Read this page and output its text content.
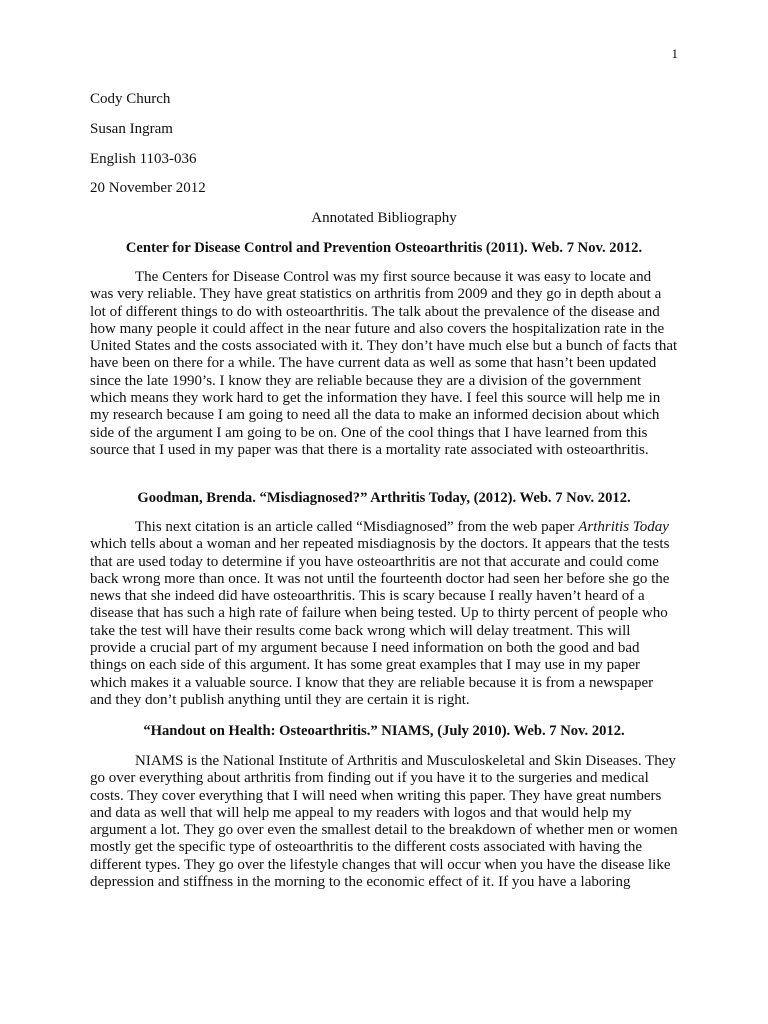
1
Cody Church
Susan Ingram
English 1103-036
20 November 2012
Annotated Bibliography
Center for Disease Control and Prevention Osteoarthritis (2011). Web. 7 Nov. 2012.

The Centers for Disease Control was my first source because it was easy to locate and was very reliable. They have great statistics on arthritis from 2009 and they go in depth about a lot of different things to do with osteoarthritis. The talk about the prevalence of the disease and how many people it could affect in the near future and also covers the hospitalization rate in the United States and the costs associated with it. They don’t have much else but a bunch of facts that have been on there for a while. The have current data as well as some that hasn’t been updated since the late 1990’s. I know they are reliable because they are a division of the government which means they work hard to get the information they have. I feel this source will help me in my research because I am going to need all the data to make an informed decision about which side of the argument I am going to be on. One of the cool things that I have learned from this source that I used in my paper was that there is a mortality rate associated with osteoarthritis.

Goodman, Brenda. “Misdiagnosed?” Arthritis Today, (2012). Web. 7 Nov. 2012.

This next citation is an article called “Misdiagnosed” from the web paper Arthritis Today which tells about a woman and her repeated misdiagnosis by the doctors. It appears that the tests that are used today to determine if you have osteoarthritis are not that accurate and could come back wrong more than once. It was not until the fourteenth doctor had seen her before she go the news that she indeed did have osteoarthritis. This is scary because I really haven’t heard of a disease that has such a high rate of failure when being tested. Up to thirty percent of people who take the test will have their results come back wrong which will delay treatment. This will provide a crucial part of my argument because I need information on both the good and bad things on each side of this argument. It has some great examples that I may use in my paper which makes it a valuable source. I know that they are reliable because it is from a newspaper and they don’t publish anything until they are certain it is right.

“Handout on Health: Osteoarthritis.” NIAMS, (July 2010). Web. 7 Nov. 2012.

NIAMS is the National Institute of Arthritis and Musculoskeletal and Skin Diseases. They go over everything about arthritis from finding out if you have it to the surgeries and medical costs. They cover everything that I will need when writing this paper. They have great numbers and data as well that will help me appeal to my readers with logos and that would help my argument a lot. They go over even the smallest detail to the breakdown of whether men or women mostly get the specific type of osteoarthritis to the different costs associated with having the different types. They go over the lifestyle changes that will occur when you have the disease like depression and stiffness in the morning to the economic effect of it. If you have a laboring
